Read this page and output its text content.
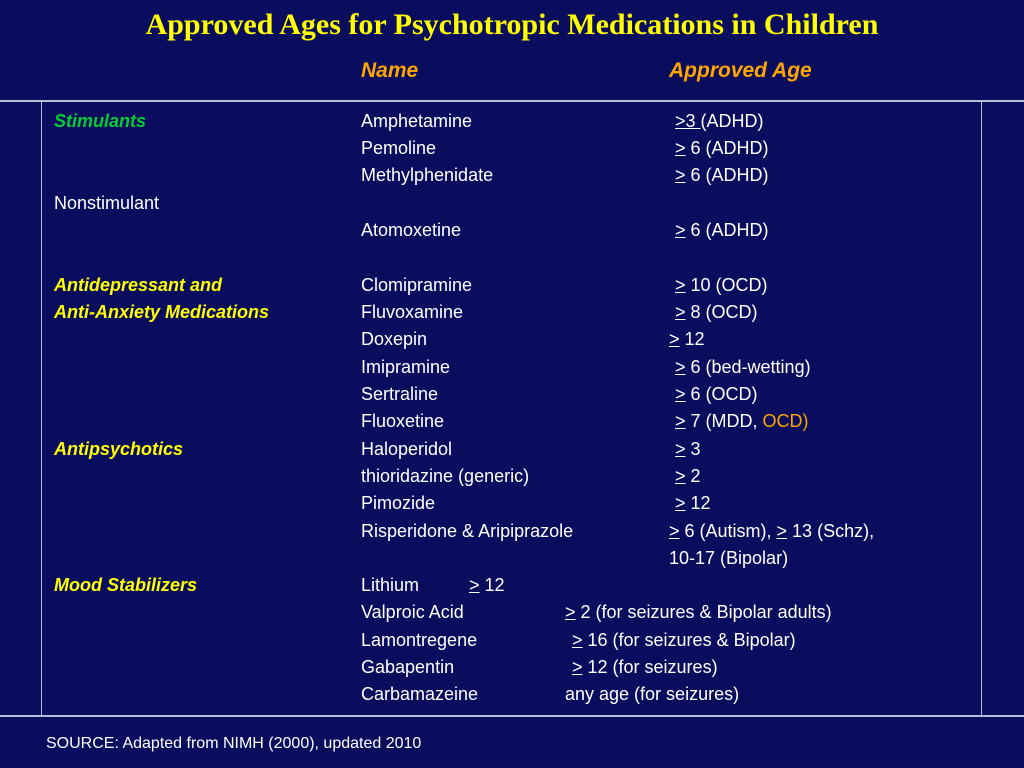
Approved Ages for Psychotropic Medications in Children
Name	Approved Age
Stimulants
Nonstimulant
Antidepressant and
Anti-Anxiety Medications
Antipsychotics
Mood Stabilizers
Amphetamine
Pemoline
Methylphenidate
Atomoxetine
Clomipramine
Fluvoxamine
Doxepin
Imipramine
Sertraline
Fluoxetine
Haloperidol
thioridazine (generic)
Pimozide
Risperidone & Aripiprazole
Lithium
Valproic Acid
Lamontregene
Gabapentin
Carbamazeine
>3 (ADHD)
≥ 6 (ADHD)
≥ 6 (ADHD)
≥ 6 (ADHD)
≥ 10 (OCD)
≥ 8 (OCD)
≥ 12
≥ 6 (bed-wetting)
≥ 6 (OCD)
≥ 7 (MDD, OCD)
≥ 3
≥ 2
≥ 12
> 6 (Autism), > 13 (Schz),
10-17 (Bipolar)
≥ 12
≥ 2 (for seizures & Bipolar adults)
≥ 16 (for seizures & Bipolar)
≥ 12 (for seizures)
any age (for seizures)
SOURCE: Adapted from NIMH (2000), updated 2010
